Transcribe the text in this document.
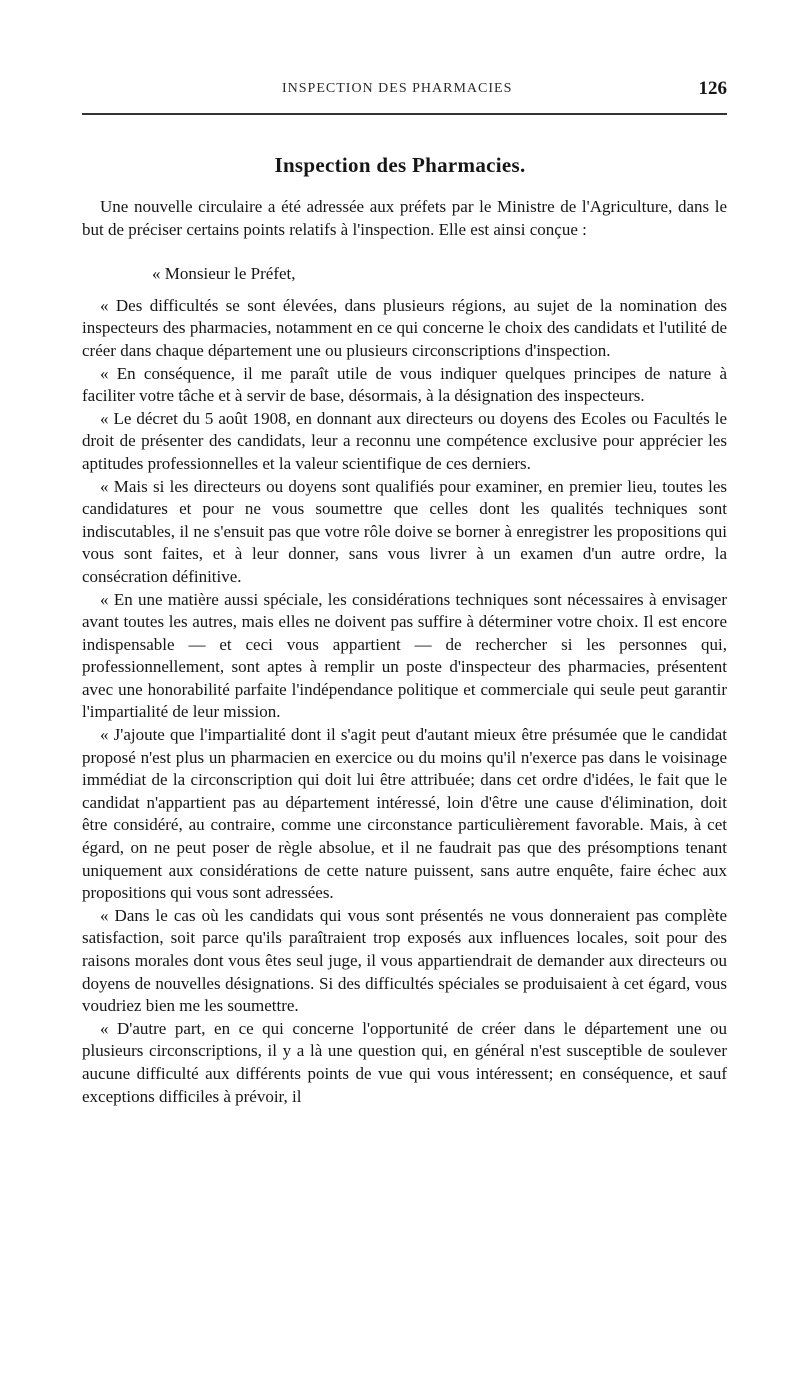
INSPECTION DES PHARMACIES	126
Inspection des Pharmacies.

Une nouvelle circulaire a été adressée aux préfets par le Ministre de l'Agriculture, dans le but de préciser certains points relatifs à l'inspection. Elle est ainsi conçue :

« Monsieur le Préfet,

« Des difficultés se sont élevées, dans plusieurs régions, au sujet de la nomination des inspecteurs des pharmacies, notamment en ce qui concerne le choix des candidats et l'utilité de créer dans chaque département une ou plusieurs circonscriptions d'inspection.

« En conséquence, il me paraît utile de vous indiquer quelques principes de nature à faciliter votre tâche et à servir de base, désormais, à la désignation des inspecteurs.

« Le décret du 5 août 1908, en donnant aux directeurs ou doyens des Ecoles ou Facultés le droit de présenter des candidats, leur a reconnu une compétence exclusive pour apprécier les aptitudes professionnelles et la valeur scientifique de ces derniers.

« Mais si les directeurs ou doyens sont qualifiés pour examiner, en premier lieu, toutes les candidatures et pour ne vous soumettre que celles dont les qualités techniques sont indiscutables, il ne s'ensuit pas que votre rôle doive se borner à enregistrer les propositions qui vous sont faites, et à leur donner, sans vous livrer à un examen d'un autre ordre, la consécration définitive.

« En une matière aussi spéciale, les considérations techniques sont nécessaires à envisager avant toutes les autres, mais elles ne doivent pas suffire à déterminer votre choix. Il est encore indispensable — et ceci vous appartient — de rechercher si les personnes qui, professionnellement, sont aptes à remplir un poste d'inspecteur des pharmacies, présentent avec une honorabilité parfaite l'indépendance politique et commerciale qui seule peut garantir l'impartialité de leur mission.

« J'ajoute que l'impartialité dont il s'agit peut d'autant mieux être présumée que le candidat proposé n'est plus un pharmacien en exercice ou du moins qu'il n'exerce pas dans le voisinage immédiat de la circonscription qui doit lui être attribuée; dans cet ordre d'idées, le fait que le candidat n'appartient pas au département intéressé, loin d'être une cause d'élimination, doit être considéré, au contraire, comme une circonstance particulièrement favorable. Mais, à cet égard, on ne peut poser de règle absolue, et il ne faudrait pas que des présomptions tenant uniquement aux considérations de cette nature puissent, sans autre enquête, faire échec aux propositions qui vous sont adressées.

« Dans le cas où les candidats qui vous sont présentés ne vous donneraient pas complète satisfaction, soit parce qu'ils paraîtraient trop exposés aux influences locales, soit pour des raisons morales dont vous êtes seul juge, il vous appartiendrait de demander aux directeurs ou doyens de nouvelles désignations. Si des difficultés spéciales se produisaient à cet égard, vous voudriez bien me les soumettre.

« D'autre part, en ce qui concerne l'opportunité de créer dans le département une ou plusieurs circonscriptions, il y a là une question qui, en général n'est susceptible de soulever aucune difficulté aux différents points de vue qui vous intéressent; en conséquence, et sauf exceptions difficiles à prévoir, il
